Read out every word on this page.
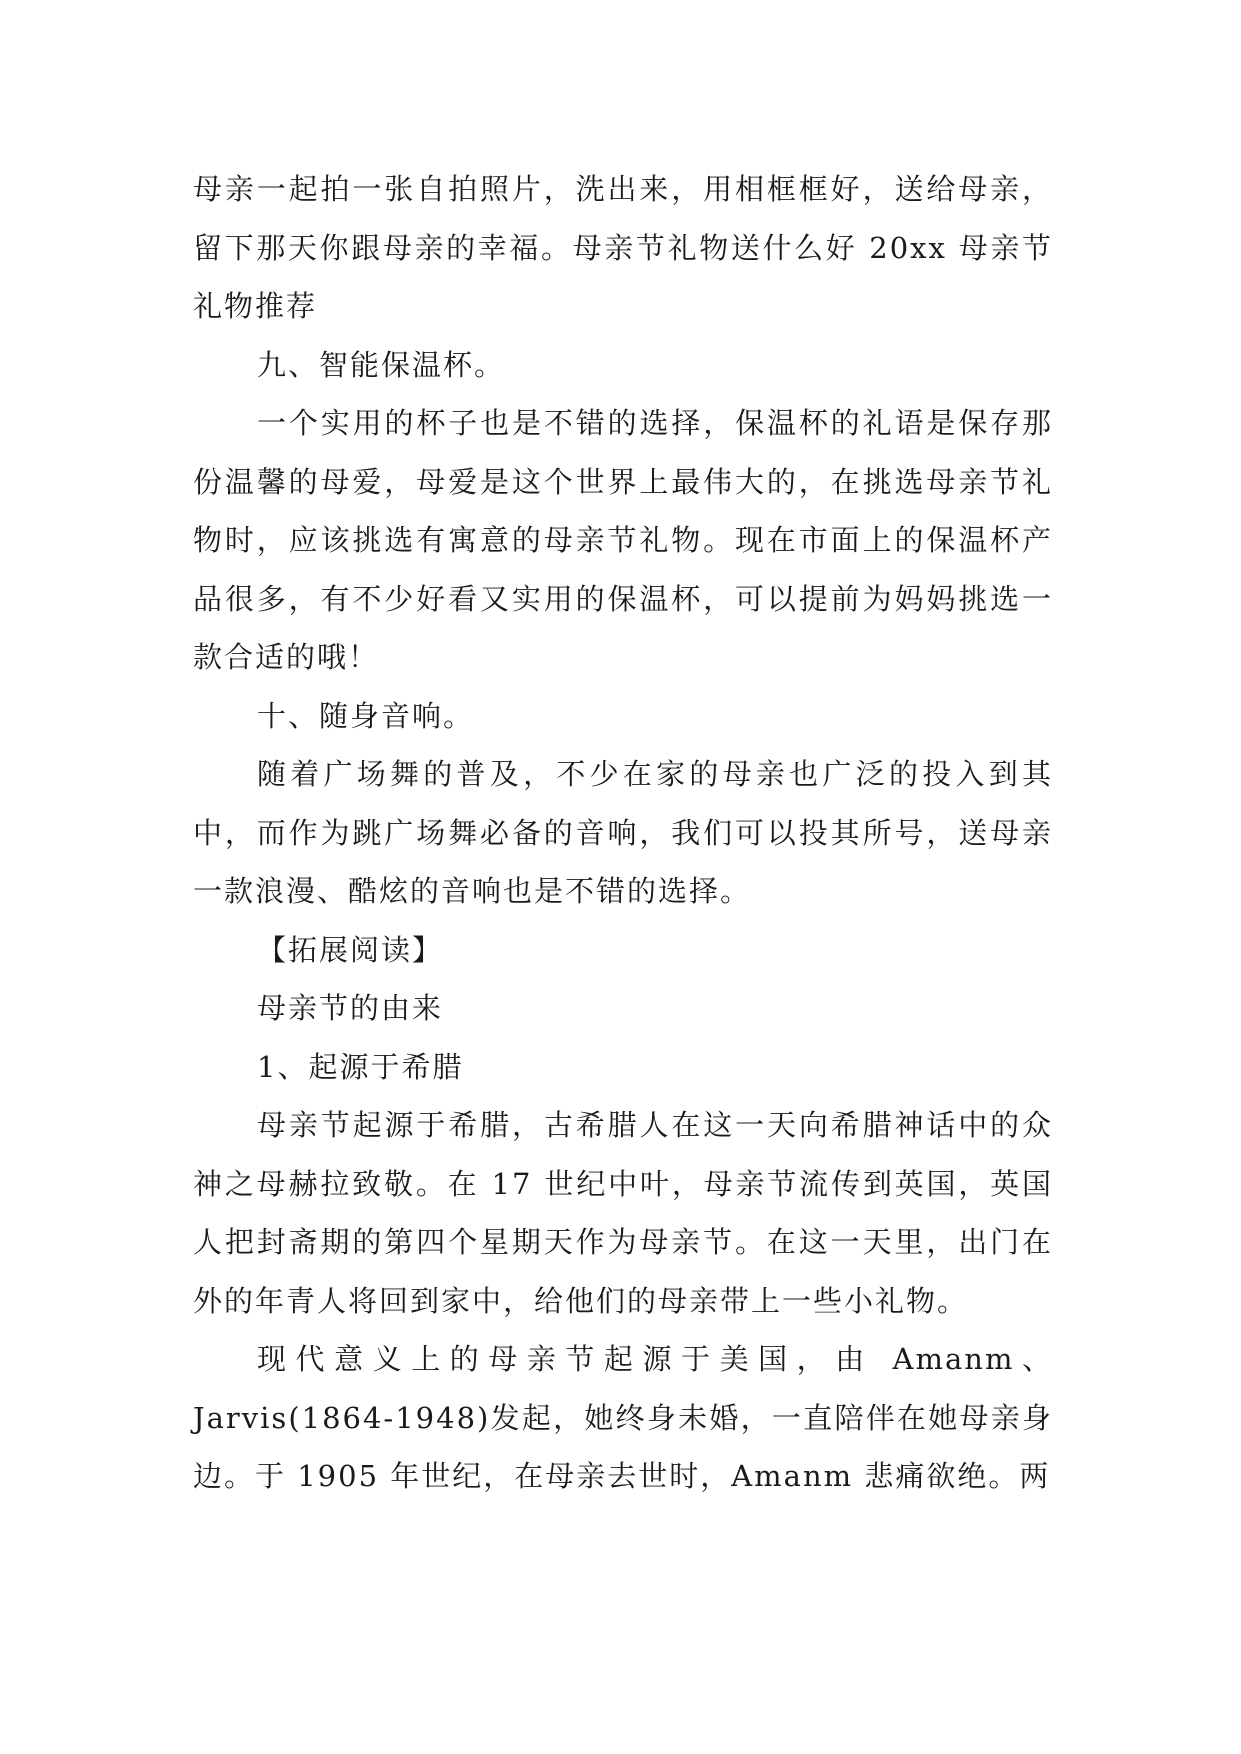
母亲一起拍一张自拍照片，洗出来，用相框框好，送给母亲，留下那天你跟母亲的幸福。母亲节礼物送什么好 20xx 母亲节礼物推荐

九、智能保温杯。

一个实用的杯子也是不错的选择，保温杯的礼语是保存那份温馨的母爱，母爱是这个世界上最伟大的，在挑选母亲节礼物时，应该挑选有寓意的母亲节礼物。现在市面上的保温杯产品很多，有不少好看又实用的保温杯，可以提前为妈妈挑选一款合适的哦！

十、随身音响。

随着广场舞的普及，不少在家的母亲也广泛的投入到其中，而作为跳广场舞必备的音响，我们可以投其所号，送母亲一款浪漫、酷炫的音响也是不错的选择。

【拓展阅读】

母亲节的由来

1、起源于希腊

母亲节起源于希腊，古希腊人在这一天向希腊神话中的众神之母赫拉致敬。在 17 世纪中叶，母亲节流传到英国，英国人把封斋期的第四个星期天作为母亲节。在这一天里，出门在外的年青人将回到家中，给他们的母亲带上一些小礼物。

现代意义上的母亲节起源于美国，由 Amanm、Jarvis(1864-1948)发起，她终身未婚，一直陪伴在她母亲身边。于 1905 年世纪，在母亲去世时，Amanm 悲痛欲绝。两
